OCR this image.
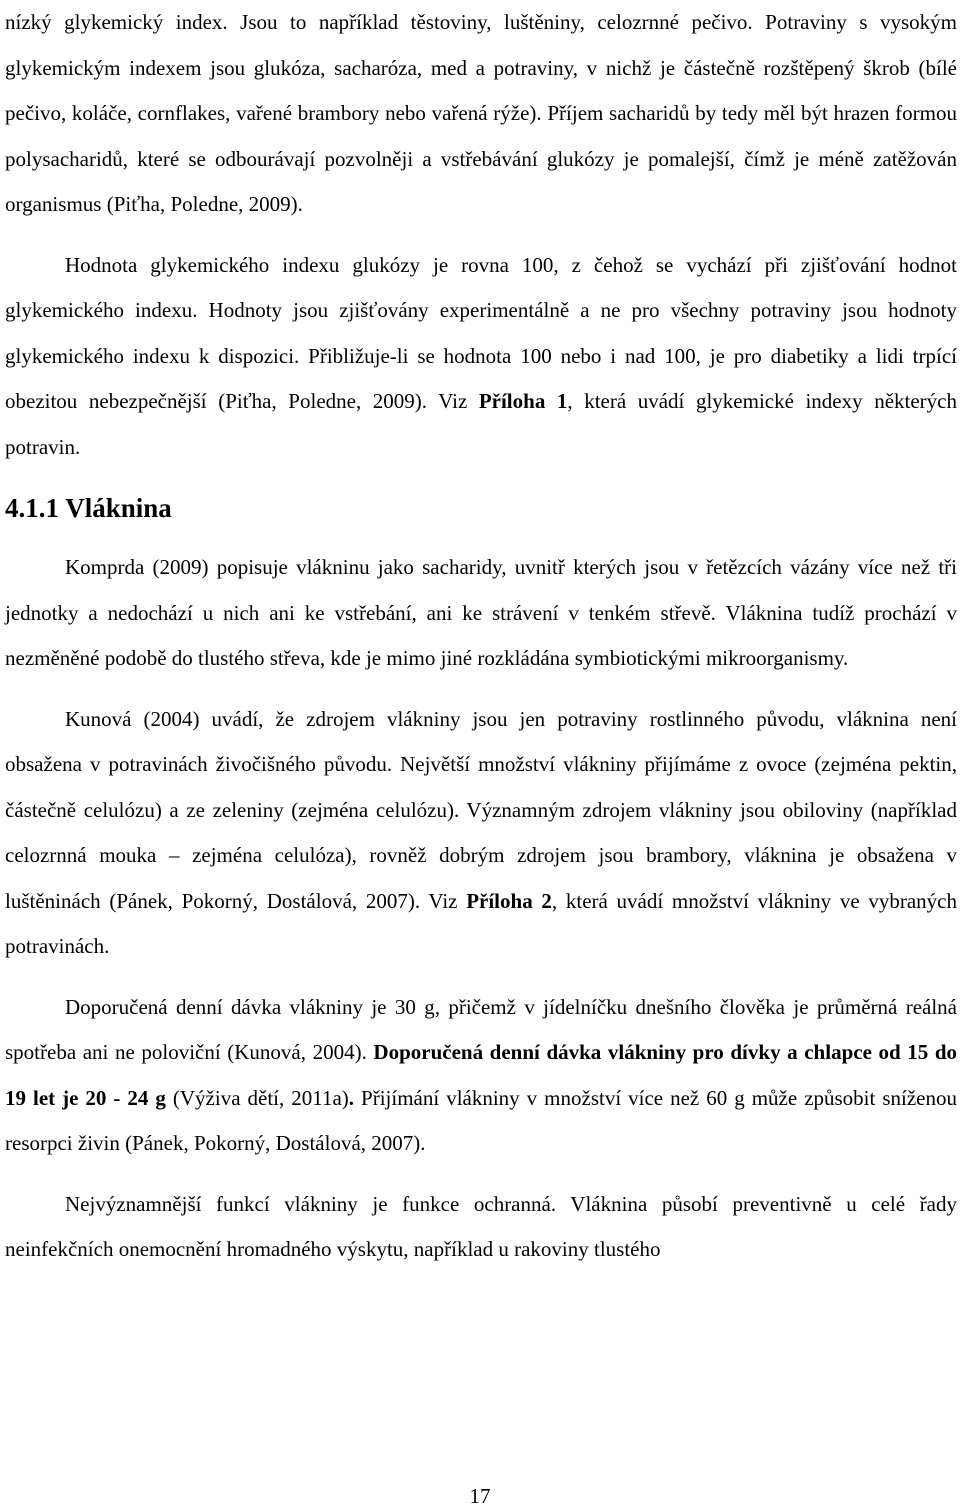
nízký glykemický index. Jsou to například těstoviny, luštěniny, celozrnné pečivo. Potraviny s vysokým glykemickým indexem jsou glukóza, sacharóza, med a potraviny, v nichž je částečně rozštěpený škrob (bílé pečivo, koláče, cornflakes, vařené brambory nebo vařená rýže). Příjem sacharidů by tedy měl být hrazen formou polysacharidů, které se odbourávají pozvolněji a vstřebávání glukózy je pomalejší, čímž je méně zatěžován organismus (Piťha, Poledne, 2009).

Hodnota glykemického indexu glukózy je rovna 100, z čehož se vychází při zjišťování hodnot glykemického indexu. Hodnoty jsou zjišťovány experimentálně a ne pro všechny potraviny jsou hodnoty glykemického indexu k dispozici. Přibližuje-li se hodnota 100 nebo i nad 100, je pro diabetiky a lidi trpící obezitou nebezpečnější (Piťha, Poledne, 2009). Viz Příloha 1, která uvádí glykemické indexy některých potravin.

4.1.1 Vláknina

Komprda (2009) popisuje vlákninu jako sacharidy, uvnitř kterých jsou v řetězcích vázány více než tři jednotky a nedochází u nich ani ke vstřebání, ani ke strávení v tenkém střevě. Vláknina tudíž prochází v nezměněné podobě do tlustého střeva, kde je mimo jiné rozkládána symbiotickými mikroorganismy.

Kunová (2004) uvádí, že zdrojem vlákniny jsou jen potraviny rostlinného původu, vláknina není obsažena v potravinách živočišného původu. Největší množství vlákniny přijímáme z ovoce (zejména pektin, částečně celulózu) a ze zeleniny (zejména celulózu). Významným zdrojem vlákniny jsou obiloviny (například celozrnná mouka – zejména celulóza), rovněž dobrým zdrojem jsou brambory, vláknina je obsažena v luštěninách (Pánek, Pokorný, Dostálová, 2007). Viz Příloha 2, která uvádí množství vlákniny ve vybraných potravinách.

Doporučená denní dávka vlákniny je 30 g, přičemž v jídelníčku dnešního člověka je průměrná reálná spotřeba ani ne poloviční (Kunová, 2004). Doporučená denní dávka vlákniny pro dívky a chlapce od 15 do 19 let je 20 - 24 g (Výživa dětí, 2011a). Přijímání vlákniny v množství více než 60 g může způsobit sníženou resorpci živin (Pánek, Pokorný, Dostálová, 2007).

Nejvýznamnější funkcí vlákniny je funkce ochranná. Vláknina působí preventivně u celé řady neinfekčních onemocnění hromadného výskytu, například u rakoviny tlustého

17
